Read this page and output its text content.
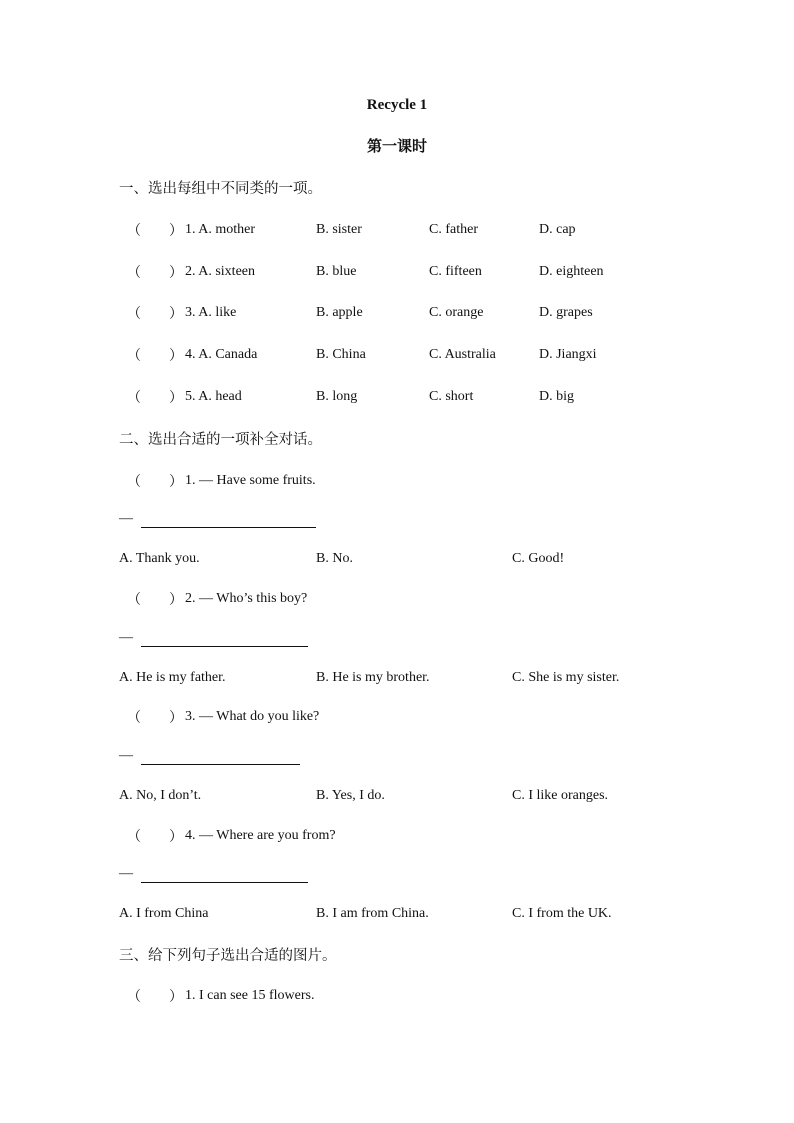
Recycle 1
第一课时
一、选出每组中不同类的一项。
（ ） 1. A. mother	B. sister	C. father	D. cap
（ ） 2. A. sixteen	B. blue	C. fifteen	D. eighteen
（ ） 3. A. like	B. apple	C. orange	D. grapes
（ ） 4. A. Canada	B. China	C. Australia	D. Jiangxi
（ ） 5. A. head	B. long	C. short	D. big
二、选出合适的一项补全对话。
（ ） 1. — Have some fruits.
—
A. Thank you.	B. No.	C. Good!
（ ） 2. — Who’s this boy?
—
A. He is my father.	B. He is my brother.	C. She is my sister.
（ ） 3. — What do you like?
—
A. No, I don’t.	B. Yes, I do.	C. I like oranges.
（ ） 4. — Where are you from?
—
A. I from China	B. I am from China.	C. I from the UK.
三、给下列句子选出合适的图片。
（ ） 1. I can see 15 flowers.
